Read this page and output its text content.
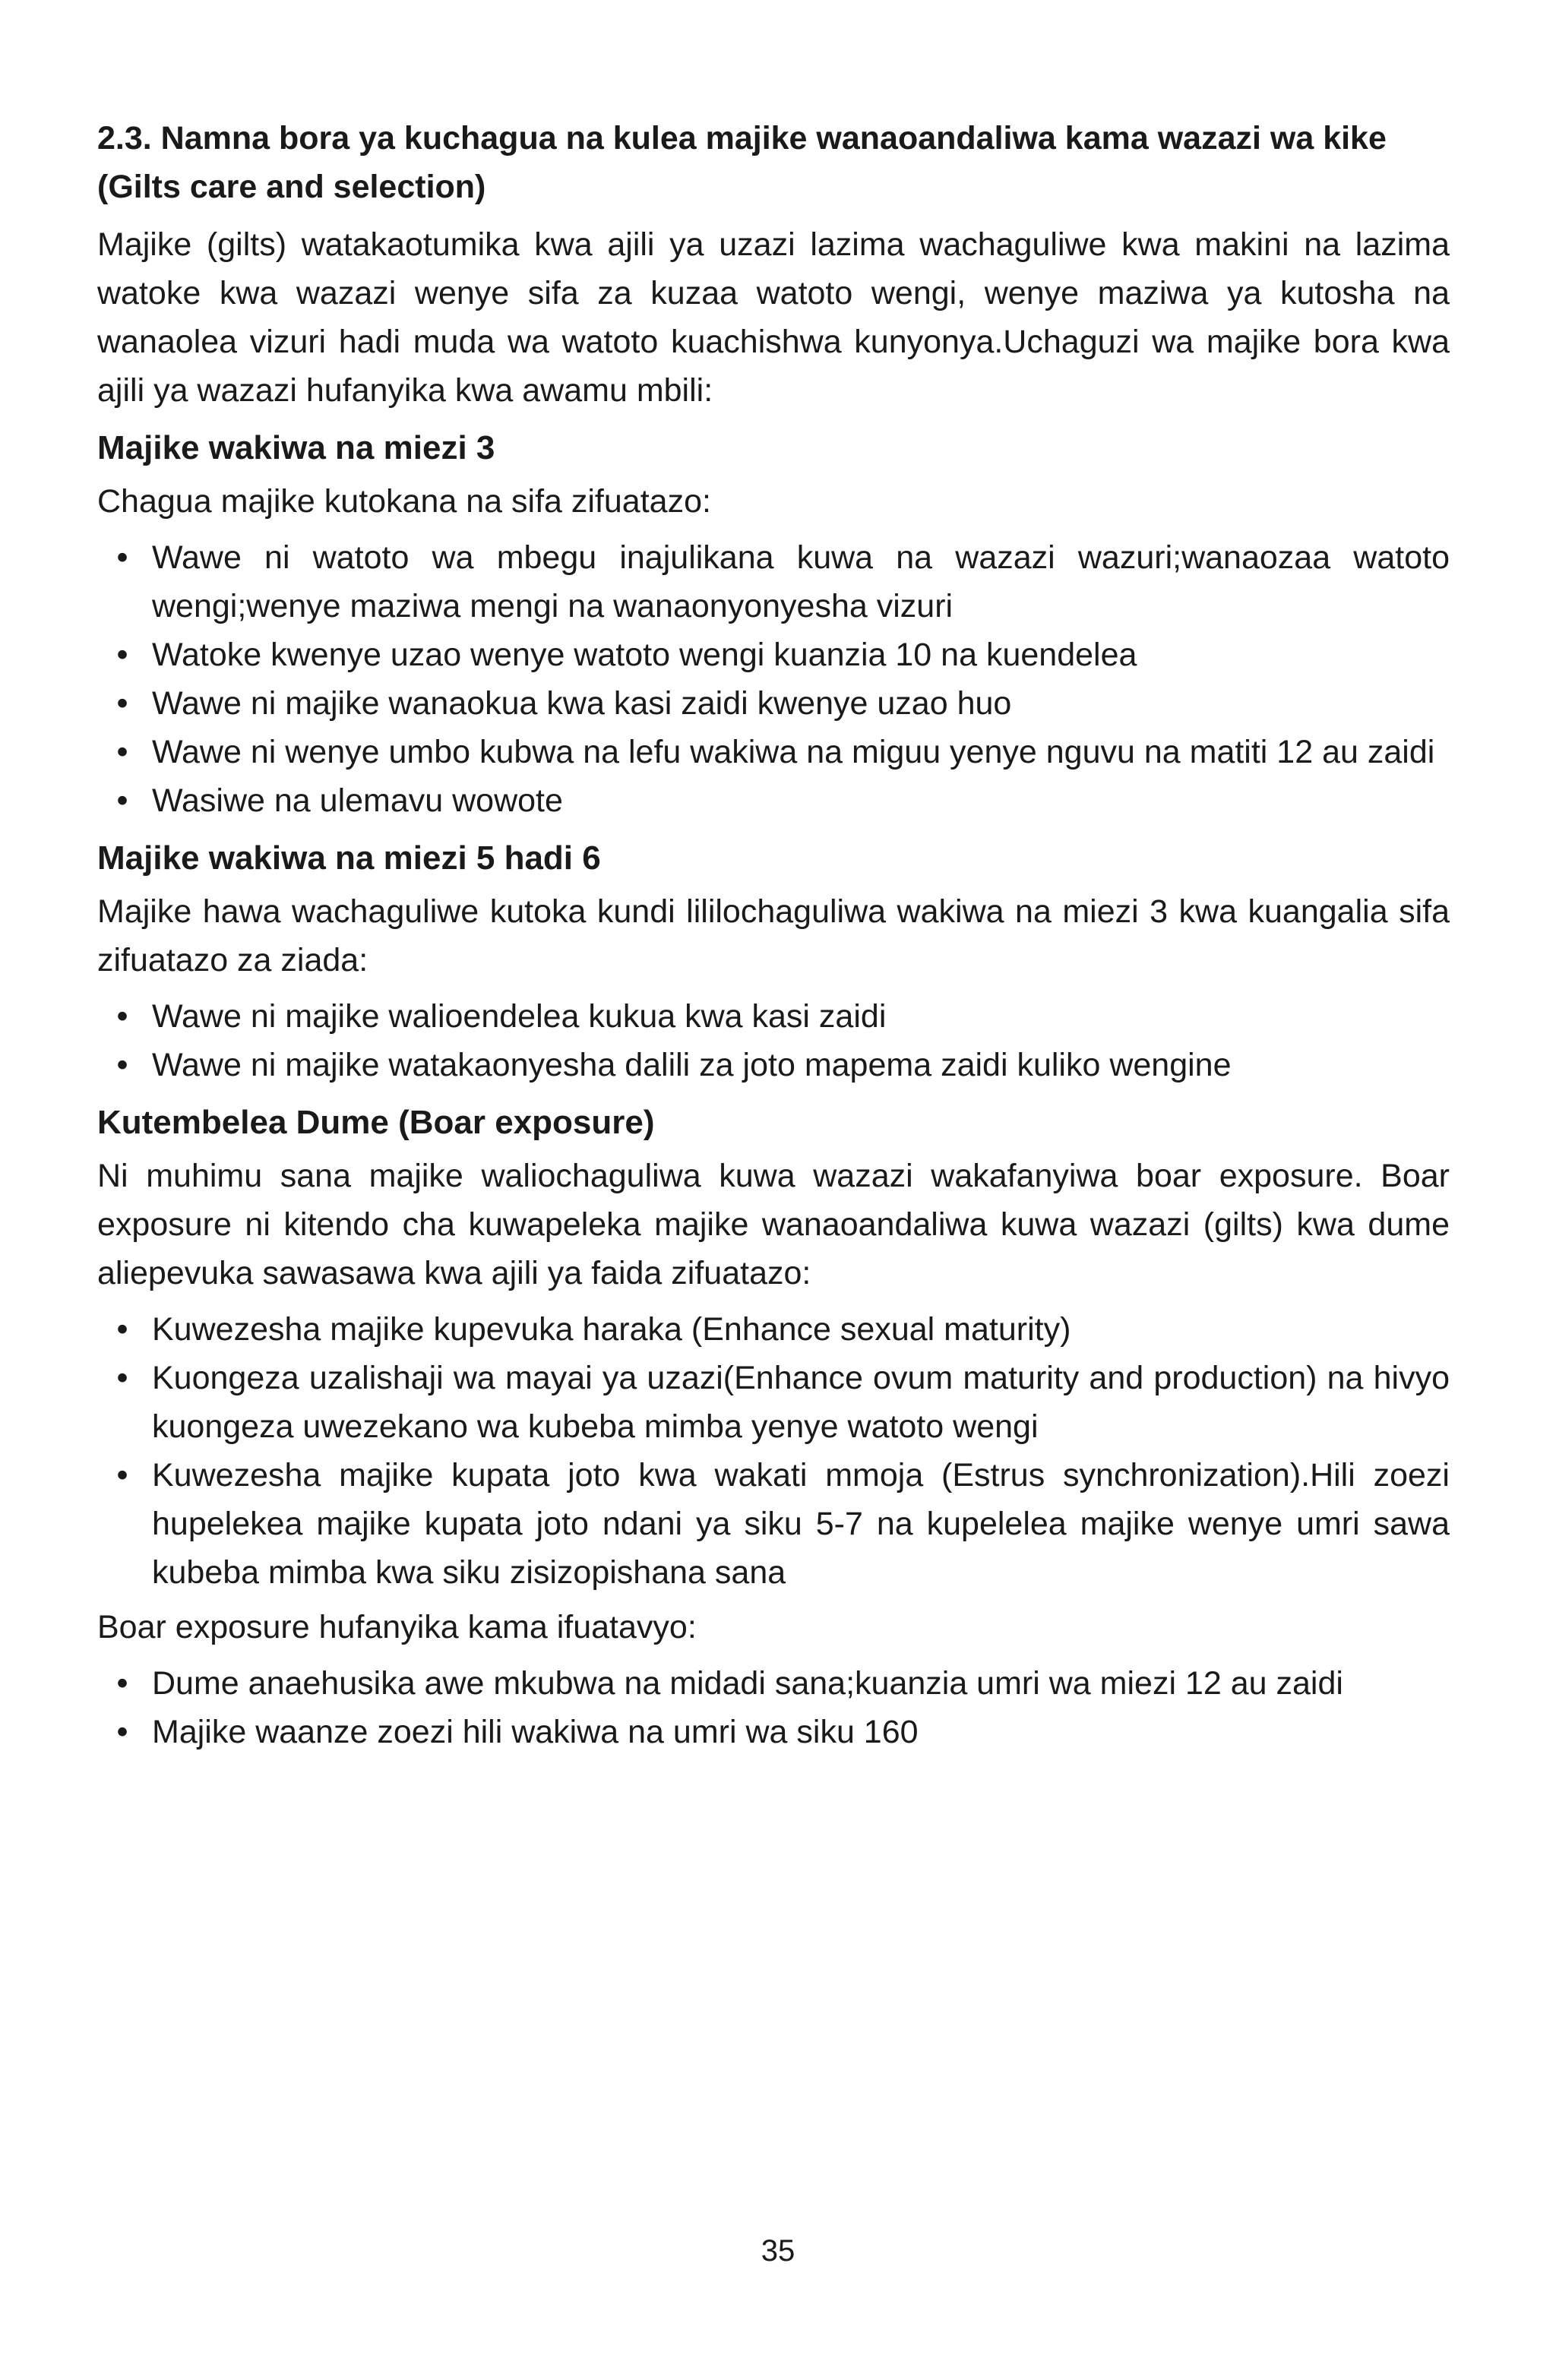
2.3. Namna bora ya kuchagua na kulea majike wanaoandaliwa kama wazazi wa kike (Gilts care and selection)

Majike (gilts) watakaotumika kwa ajili ya uzazi lazima wachaguliwe kwa makini na lazima watoke kwa wazazi wenye sifa za kuzaa watoto wengi, wenye maziwa ya kutosha na wanaolea vizuri hadi muda wa watoto kuachishwa kunyonya.Uchaguzi wa majike bora kwa ajili ya wazazi hufanyika kwa awamu mbili:

Majike wakiwa na miezi 3

Chagua majike kutokana na sifa zifuatazo:

• Wawe ni watoto wa mbegu inajulikana kuwa na wazazi wazuri;wanaozaa watoto wengi;wenye maziwa mengi na wanaonyonyesha vizuri
• Watoke kwenye uzao wenye watoto wengi kuanzia 10 na kuendelea
• Wawe ni majike wanaokua kwa kasi zaidi kwenye uzao huo
• Wawe ni wenye umbo kubwa na lefu wakiwa na miguu yenye nguvu na matiti 12 au zaidi
• Wasiwe na ulemavu wowote
Majike wakiwa na miezi 5 hadi 6

Majike hawa wachaguliwe kutoka kundi lililochaguliwa wakiwa na miezi 3 kwa kuangalia sifa zifuatazo za ziada:

• Wawe ni majike walioendelea kukua kwa kasi zaidi
• Wawe ni majike watakaonyesha dalili za joto mapema zaidi kuliko wengine
Kutembelea Dume (Boar exposure)

Ni muhimu sana majike waliochaguliwa kuwa wazazi wakafanyiwa boar exposure. Boar exposure ni kitendo cha kuwapeleka majike wanaoandaliwa kuwa wazazi (gilts) kwa dume aliepevuka sawasawa kwa ajili ya faida zifuatazo:

• Kuwezesha majike kupevuka haraka (Enhance sexual maturity)
• Kuongeza uzalishaji wa mayai ya uzazi(Enhance ovum maturity and production) na hivyo kuongeza uwezekano wa kubeba mimba yenye watoto wengi
• Kuwezesha majike kupata joto kwa wakati mmoja (Estrus synchronization).Hili zoezi hupelekea majike kupata joto ndani ya siku 5-7 na kupelelea majike wenye umri sawa kubeba mimba kwa siku zisizopishana sana

Boar exposure hufanyika kama ifuatavyo:

• Dume anaehusika awe mkubwa na midadi sana;kuanzia umri wa miezi 12 au zaidi
• Majike waanze zoezi hili wakiwa na umri wa siku 160
35
